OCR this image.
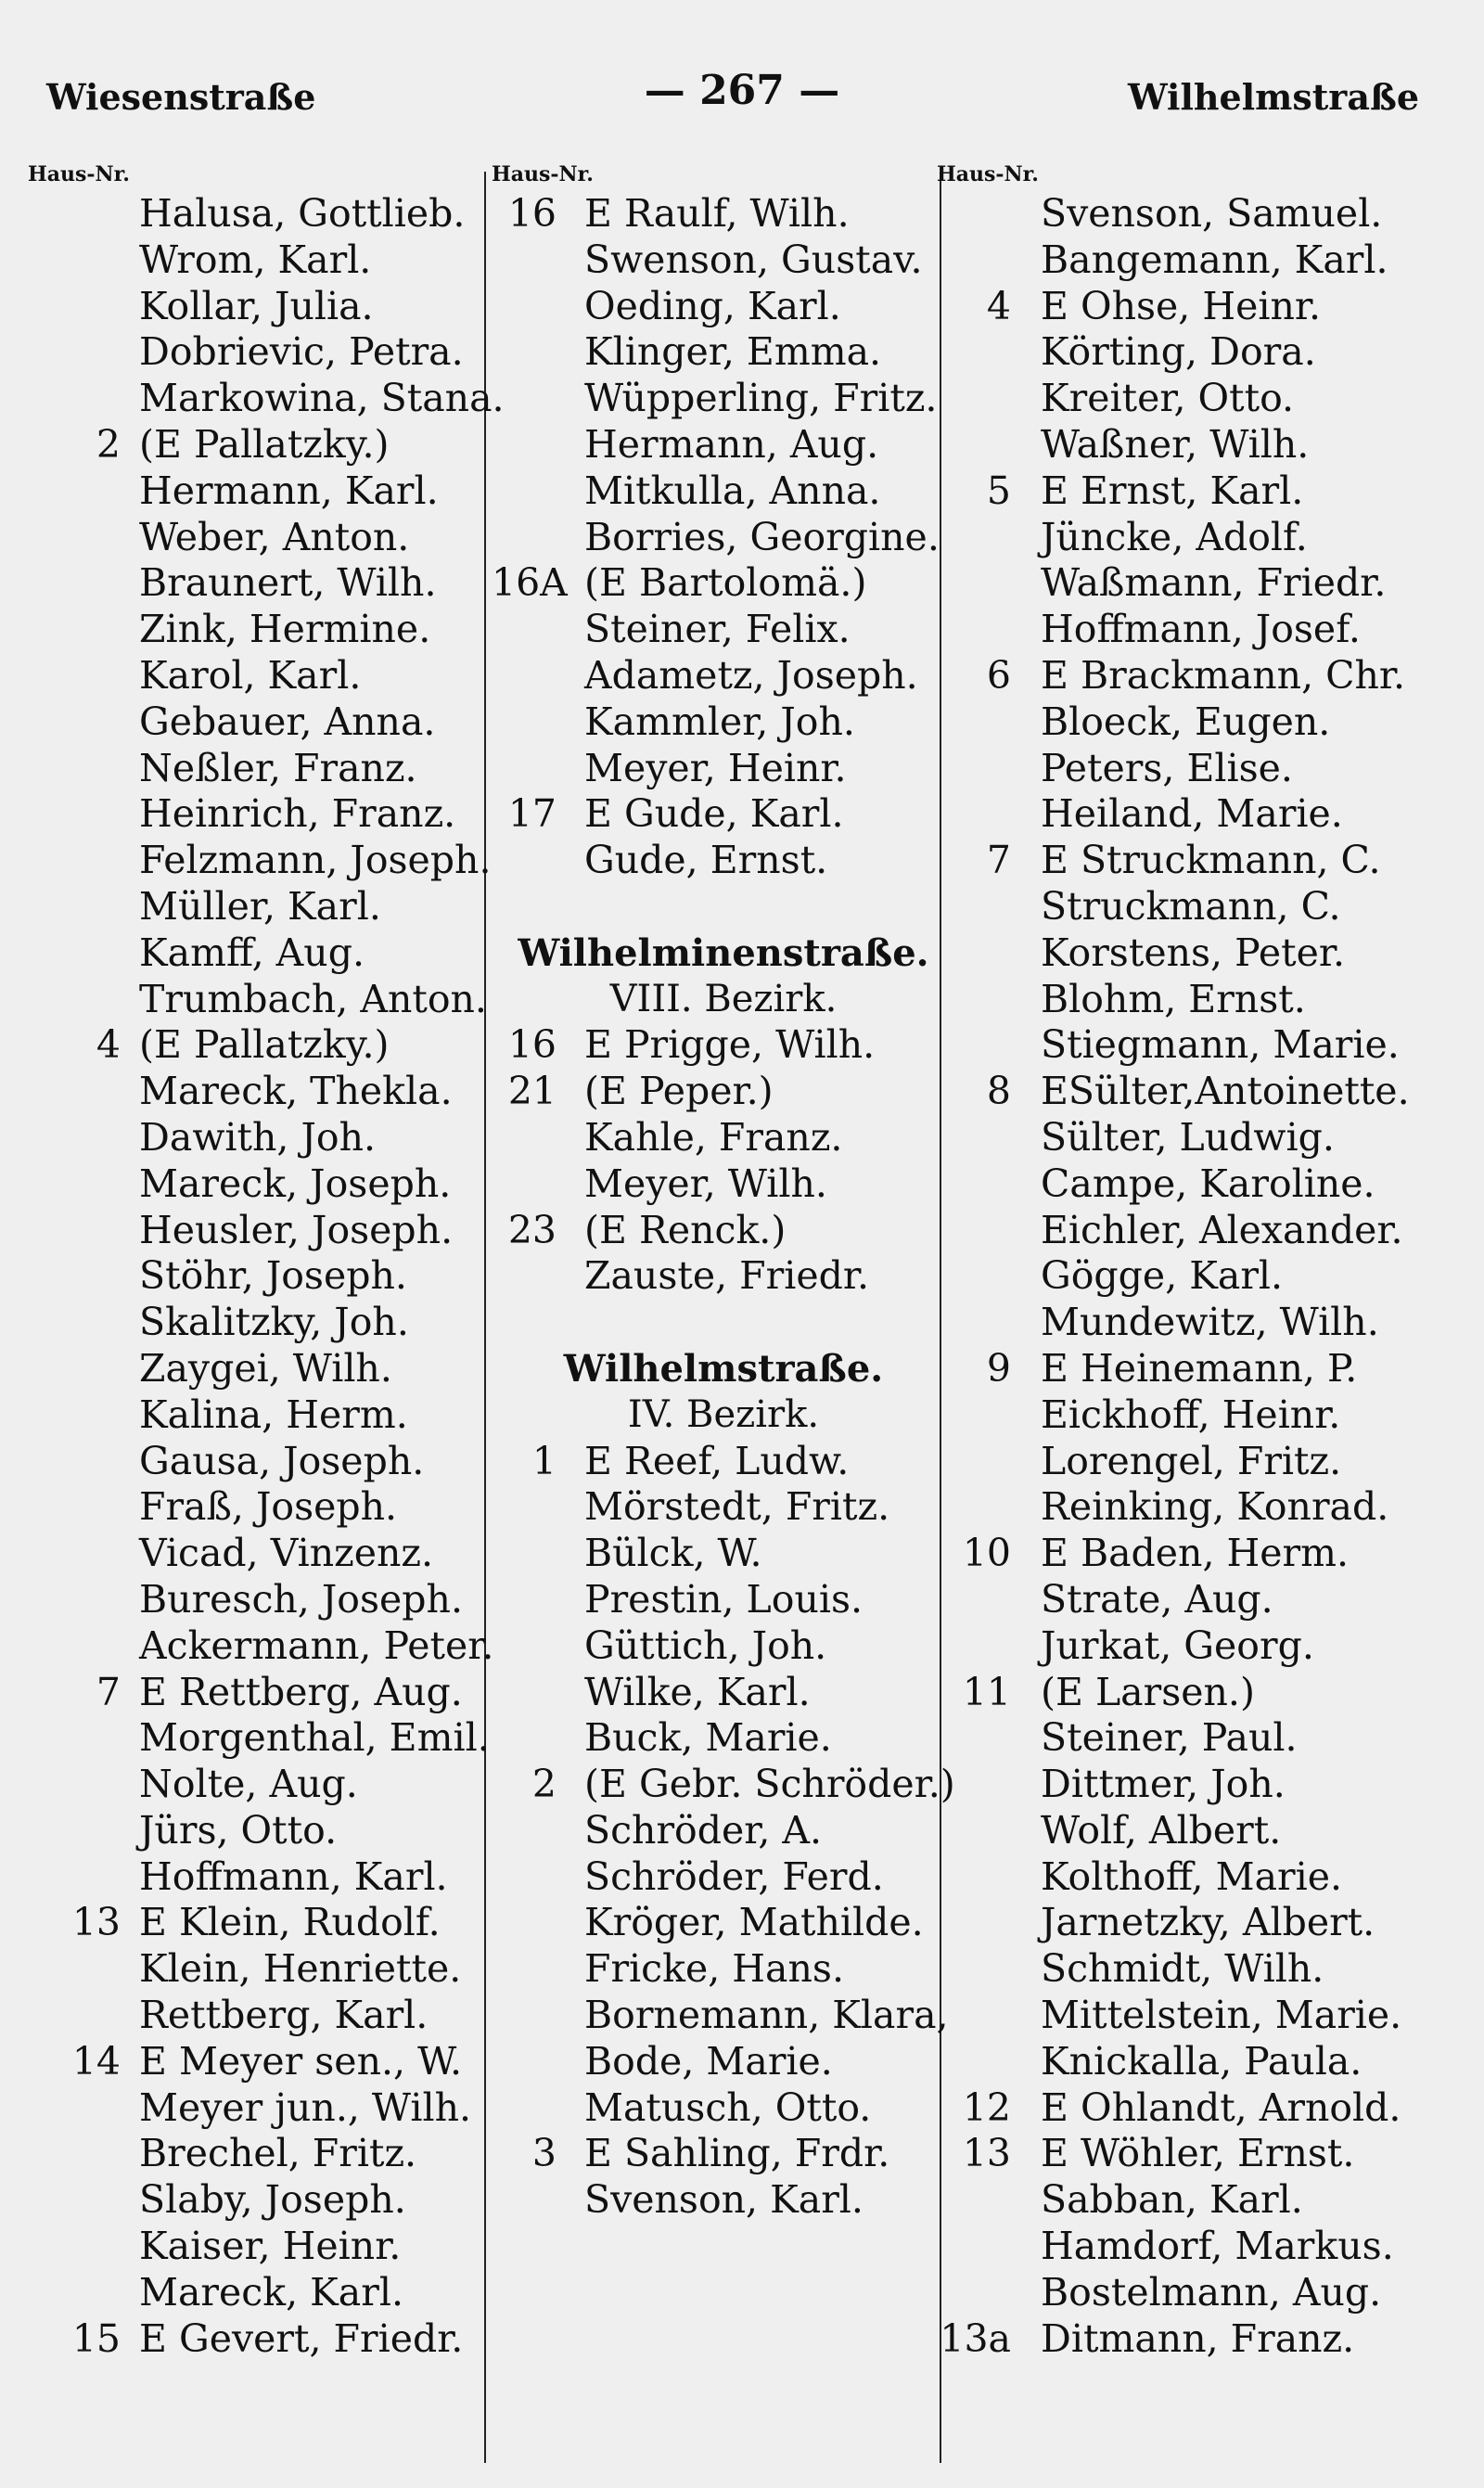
Wiesenstraße	— 267 —	Wilhelmstraße
Haus-Nr.
Halusa, Gottlieb.
Wrom, Karl.
Kollar, Julia.
Dobrievic, Petra.
Markowina, Stana.
2 (E Pallatzky.)
Hermann, Karl.
Weber, Anton.
Braunert, Wilh.
Zink, Hermine.
Karol, Karl.
Gebauer, Anna.
Neßler, Franz.
Heinrich, Franz.
Felzmann, Joseph.
Müller, Karl.
Kamff, Aug.
Trumbach, Anton.
4 (E Pallatzky.)
Mareck, Thekla.
Dawith, Joh.
Mareck, Joseph.
Heusler, Joseph.
Stöhr, Joseph.
Skalitzky, Joh.
Zaygei, Wilh.
Kalina, Herm.
Gausa, Joseph.
Fraß, Joseph.
Vicad, Vinzenz.
Buresch, Joseph.
Ackermann, Peter.
7 E Rettberg, Aug.
Morgenthal, Emil.
Nolte, Aug.
Jürs, Otto.
Hoffmann, Karl.
13 E Klein, Rudolf.
Klein, Henriette.
Rettberg, Karl.
14 E Meyer sen., W.
Meyer jun., Wilh.
Brechel, Fritz.
Slaby, Joseph.
Kaiser, Heinr.
Mareck, Karl.
15 E Gevert, Friedr.
Haus-Nr.
16 E Raulf, Wilh.
Swenson, Gustav.
Oeding, Karl.
Klinger, Emma.
Wüpperling, Fritz.
Hermann, Aug.
Mitkulla, Anna.
Borries, Georgine.
16A (E Bartolomä.)
Steiner, Felix.
Adametz, Joseph.
Kammler, Joh.
Meyer, Heinr.
17 E Gude, Karl.
Gude, Ernst.
Wilhelminenstraße.
VIII. Bezirk.
16 E Prigge, Wilh.
21 (E Peper.)
Kahle, Franz.
Meyer, Wilh.
23 (E Renck.)
Zauste, Friedr.
Wilhelmstraße.
IV. Bezirk.
1 E Reef, Ludw.
Mörstedt, Fritz.
Bülck, W.
Prestin, Louis.
Güttich, Joh.
Wilke, Karl.
Buck, Marie.
2 (E Gebr. Schröder.)
Schröder, A.
Schröder, Ferd.
Kröger, Mathilde.
Fricke, Hans.
Bornemann, Klara,
Bode, Marie.
Matusch, Otto.
3 E Sahling, Frdr.
Svenson, Karl.
Haus-Nr.
Svenson, Samuel.
Bangemann, Karl.
4 E Ohse, Heinr.
Körting, Dora.
Kreiter, Otto.
Waßner, Wilh.
5 E Ernst, Karl.
Jüncke, Adolf.
Waßmann, Friedr.
Hoffmann, Josef.
6 E Brackmann, Chr.
Bloeck, Eugen.
Peters, Elise.
Heiland, Marie.
7 E Struckmann, C.
Struckmann, C.
Korstens, Peter.
Blohm, Ernst.
Stiegmann, Marie.
8 ESülter,Antoinette.
Sülter, Ludwig.
Campe, Karoline.
Eichler, Alexander.
Gögge, Karl.
Mundewitz, Wilh.
9 E Heinemann, P.
Eickhoff, Heinr.
Lorengel, Fritz.
Reinking, Konrad.
10 E Baden, Herm.
Strate, Aug.
Jurkat, Georg.
11 (E Larsen.)
Steiner, Paul.
Dittmer, Joh.
Wolf, Albert.
Kolthoff, Marie.
Jarnetzky, Albert.
Schmidt, Wilh.
Mittelstein, Marie.
Knickalla, Paula.
12 E Ohlandt, Arnold.
13 E Wöhler, Ernst.
Sabban, Karl.
Hamdorf, Markus.
Bostelmann, Aug.
13a Ditmann, Franz.
